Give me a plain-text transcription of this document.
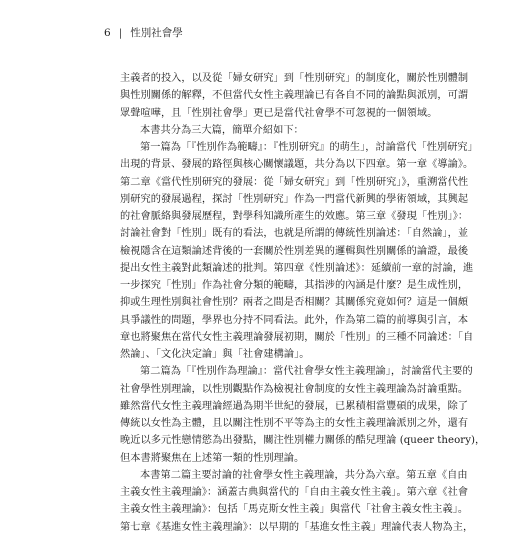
6 | 性別社會學
主義者的投入，以及從「婦女研究」到「性別研究」的制度化，關於性別體制
與性別關係的解釋，不但當代女性主義理論已有各自不同的論點與派別，可謂
眾聲喧嘩，且「性別社會學」更已是當代社會學不可忽視的一個領域。
本書共分為三大篇，簡單介紹如下：
第一篇為「『性別作為範疇』：『性別研究』的萌生」，討論當代「性別研究」
出現的背景、發展的路徑與核心關懷議題，共分為以下四章。第一章《導論》。
第二章《當代性別研究的發展：從「婦女研究」到「性別研究」》，重溯當代性
別研究的發展過程，探討「性別研究」作為一門當代新興的學術領域，其興起
的社會脈絡與發展歷程，對學科知識所產生的效應。第三章《發現「性別」》：
討論社會對「性別」既有的看法，也就是所謂的傳統性別論述：「自然論」，並
檢視隱含在這類論述背後的一套關於性別差異的邏輯與性別關係的論證，最後
提出女性主義對此類論述的批判。第四章《性別論述》：延續前一章的討論，進
一步探究「性別」作為社會分類的範疇，其指涉的內涵是什麼？是生成性別，
抑或生理性別與社會性別？兩者之間是否相關？其關係究竟如何？這是一個頗
具爭議性的問題，學界也分持不同看法。此外，作為第二篇的前導與引言，本
章也將聚焦在當代女性主義理論發展初期，關於「性別」的三種不同論述：「自
然論」、「文化決定論」與「社會建構論」。
第二篇為「『性別作為理論』：當代社會學女性主義理論」，討論當代主要的
社會學性別理論，以性別觀點作為檢視社會制度的女性主義理論為討論重點。
雖然當代女性主義理論經過為期半世紀的發展，已累積相當豐碩的成果，除了
傳統以女性為主體，且以關注性別不平等為主的女性主義理論派別之外，還有
晚近以多元性戀情慾為出發點，關注性別權力關係的酷兒理論 (queer theory)，
但本書將聚焦在上述第一類的性別理論。
本書第二篇主要討論的社會學女性主義理論，共分為六章。第五章《自由
主義女性主義理論》：涵蓋古典與當代的「自由主義女性主義」。第六章《社會
主義女性主義理論》：包括「馬克斯女性主義」與當代「社會主義女性主義」。
第七章《基進女性主義理論》：以早期的「基進女性主義」理論代表人物為主，
